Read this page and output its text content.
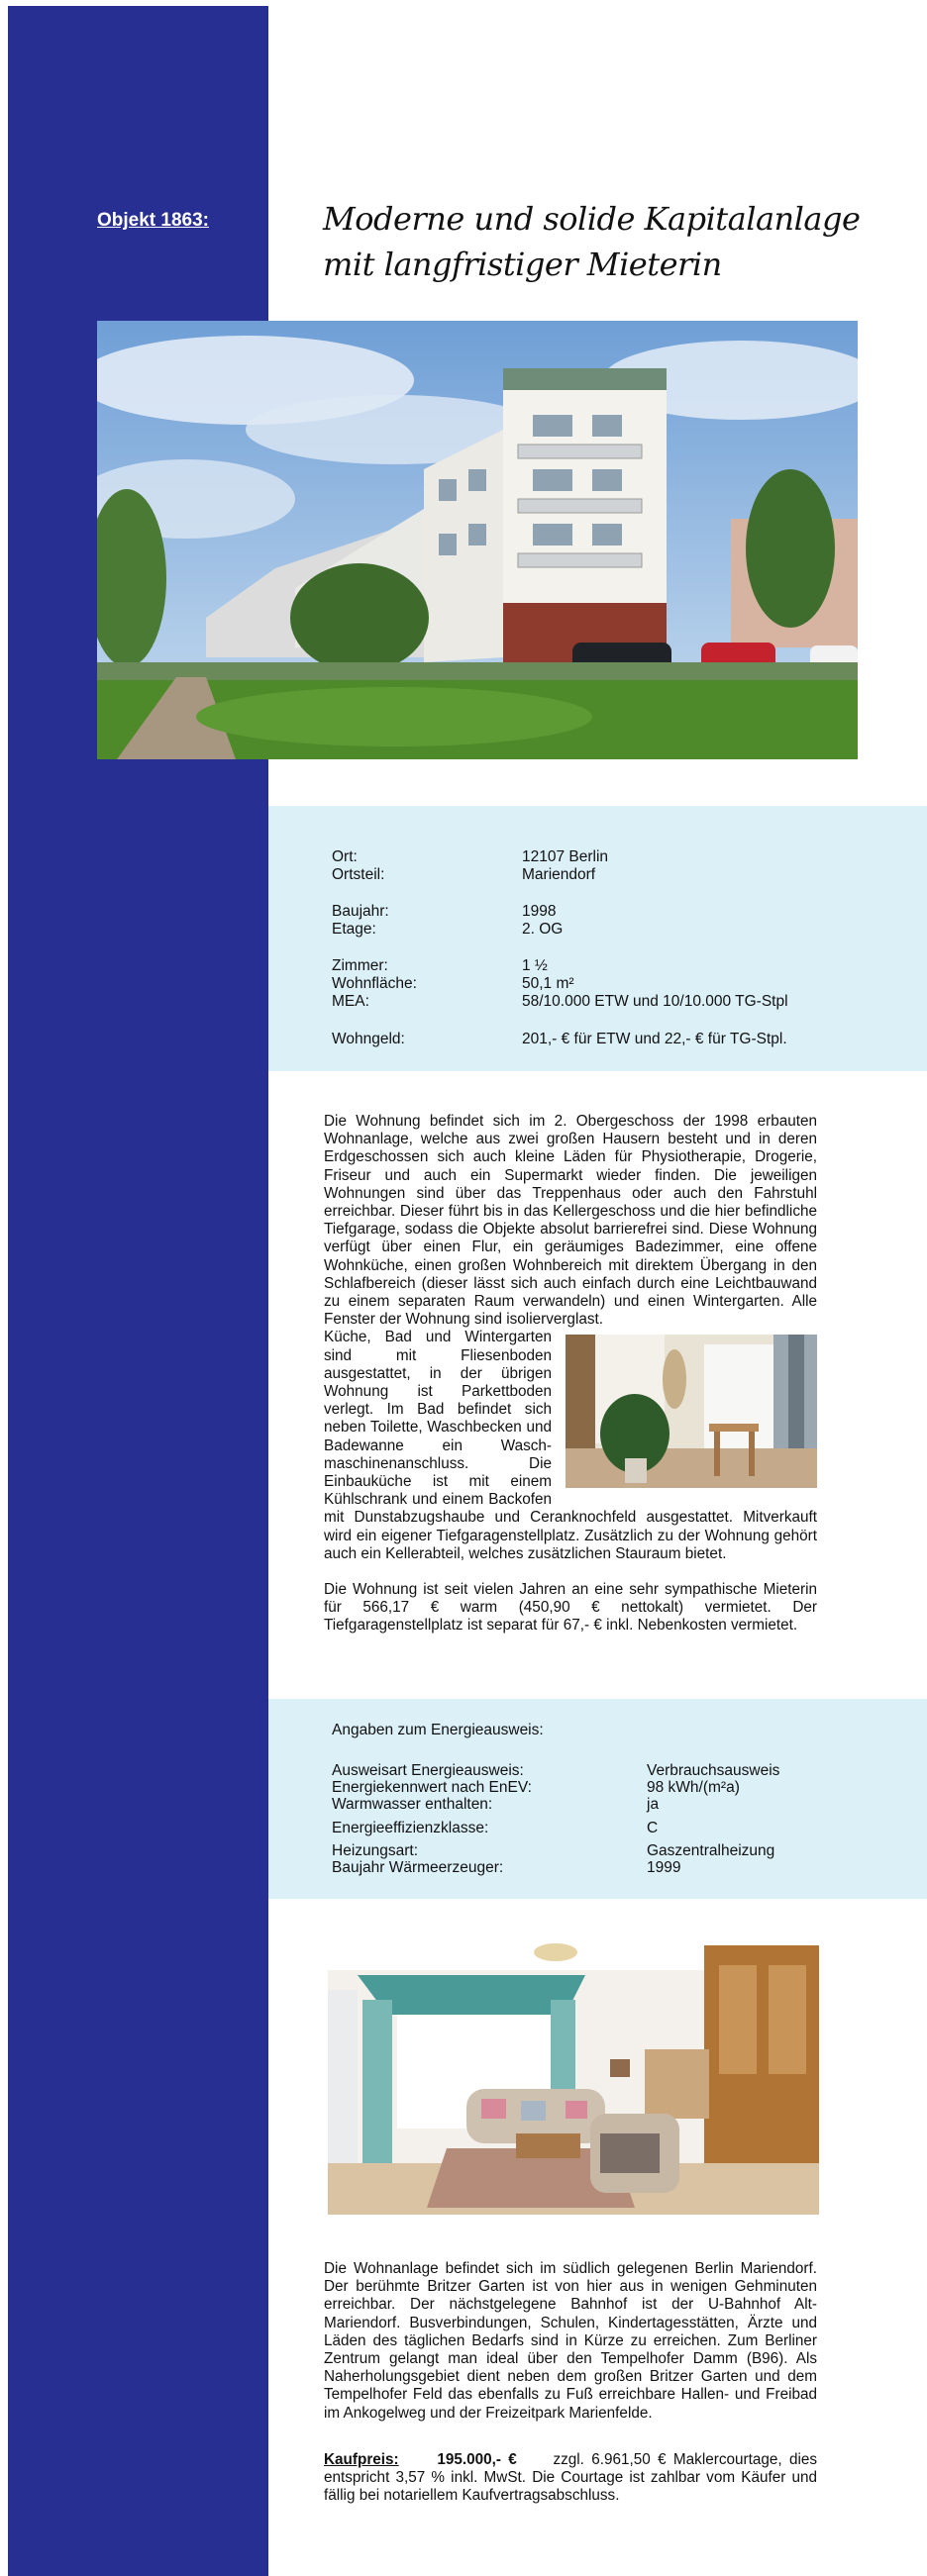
Objekt 1863:	Moderne und solide Kapitalanlage
mit langfristiger Mieterin
Ort:	12107 Berlin
Ortsteil:	Mariendorf
Baujahr:	1998
Etage:	2. OG
Zimmer:	1 ½
Wohnfläche:	50,1 m²
MEA:	58/10.000 ETW und 10/10.000 TG-Stpl
Wohngeld:	201,- € für ETW und 22,- € für TG-Stpl.

Die Wohnung befindet sich im 2. Obergeschoss der 1998 erbauten Wohnanlage, welche aus zwei großen Hausern besteht und in deren Erdgeschossen sich auch kleine Läden für Physiotherapie, Drogerie, Friseur und auch ein Supermarkt wieder finden. Die jeweiligen Wohnungen sind über das Treppenhaus oder auch den Fahrstuhl erreichbar. Dieser führt bis in das Kellergeschoss und die hier befindliche Tiefgarage, sodass die Objekte absolut barrierefrei sind. Diese Wohnung verfügt über einen Flur, ein geräumiges Badezimmer, eine offene Wohnküche, einen großen Wohnbereich mit direktem Übergang in den Schlafbereich (dieser lässt sich auch einfach durch eine Leichtbauwand zu einem separaten Raum verwandeln) und einen Wintergarten. Alle Fenster der Wohnung sind isolierverglast.

Küche, Bad und Wintergarten sind mit Fliesenboden ausgestattet, in der übrigen Wohnung ist Parkettboden verlegt. Im Bad befindet sich neben Toilette, Waschbecken und Badewanne ein Waschmaschinenanschluss. Die Einbauküche ist mit einem Kühlschrank und einem Backofen mit Dunstabzugshaube und Ceranknochfeld ausgestattet. Mitverkauft wird ein eigener Tiefgaragenstellplatz. Zusätzlich zu der Wohnung gehört auch ein Kellerabteil, welches zusätzlichen Stauraum bietet.

Die Wohnung ist seit vielen Jahren an eine sehr sympathische Mieterin für 566,17 € warm (450,90 € nettokalt) vermietet. Der Tiefgaragenstellplatz ist separat für 67,- € inkl. Nebenkosten vermietet.

Angaben zum Energieausweis:
Ausweisart Energieausweis:	Verbrauchsausweis
Energiekennwert nach EnEV:	98 kWh/(m²a)
Warmwasser enthalten:	ja
Energieeffizienzklasse:	C
Heizungsart:	Gaszentralheizung
Baujahr Wärmeerzeuger:	1999

Die Wohnanlage befindet sich im südlich gelegenen Berlin Mariendorf. Der berühmte Britzer Garten ist von hier aus in wenigen Gehminuten erreichbar. Der nächstgelegene Bahnhof ist der U-Bahnhof Alt-Mariendorf. Busverbindungen, Schulen, Kindertagesstätten, Ärzte und Läden des täglichen Bedarfs sind in Kürze zu erreichen. Zum Berliner Zentrum gelangt man ideal über den Tempelhofer Damm (B96). Als Naherholungsgebiet dient neben dem großen Britzer Garten und dem Tempelhofer Feld das ebenfalls zu Fuß erreichbare Hallen- und Freibad im Ankogelweg und der Freizeitpark Marienfelde.

Kaufpreis:	195.000,- € zzgl. 6.961,50 € Maklercourtage, dies entspricht 3,57 % inkl. MwSt. Die Courtage ist zahlbar vom Käufer und fällig bei notariellem Kaufvertragsabschluss.
